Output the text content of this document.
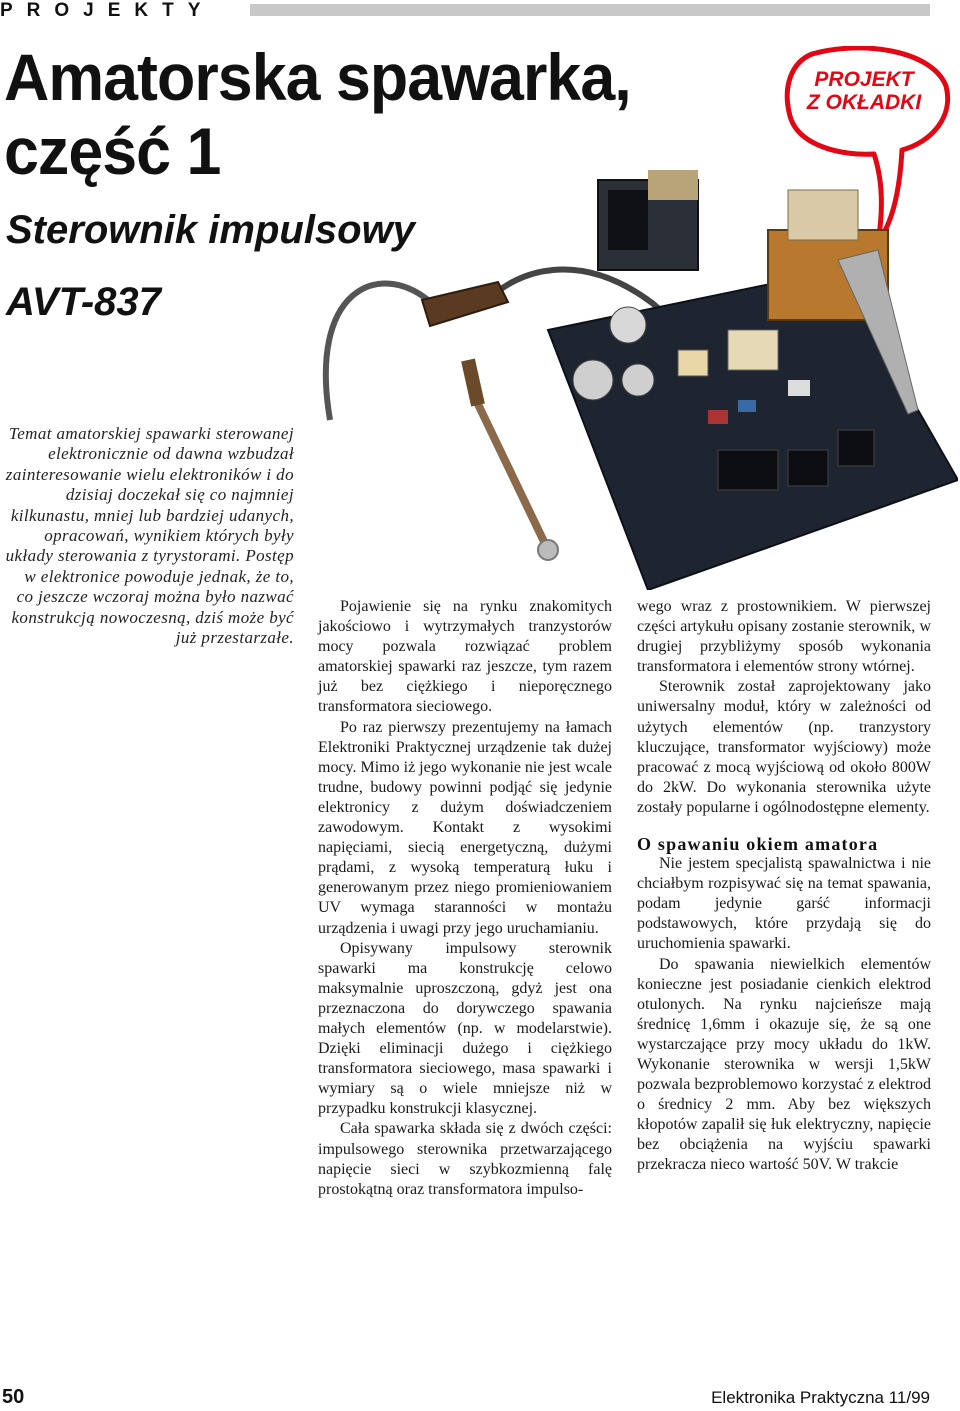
PROJEKTY
Amatorska spawarka,
część 1
Sterownik impulsowy
AVT-837
PROJEKT
Z OKŁADKI
Temat amatorskiej spawarki sterowanej elektronicznie od dawna wzbudzał zainteresowanie wielu elektroników i do dzisiaj doczekał się co najmniej kilkunastu, mniej lub bardziej udanych, opracowań, wynikiem których były układy sterowania z tyrystorami. Postęp w elektronice powoduje jednak, że to, co jeszcze wczoraj można było nazwać konstrukcją nowoczesną, dziś może być już przestarzałe.

Pojawienie się na rynku znakomitych jakościowo i wytrzymałych tranzystorów mocy pozwala rozwiązać problem amatorskiej spawarki raz jeszcze, tym razem już bez ciężkiego i nieporęcznego transformatora sieciowego.

Po raz pierwszy prezentujemy na łamach Elektroniki Praktycznej urządzenie tak dużej mocy. Mimo iż jego wykonanie nie jest wcale trudne, budowy powinni podjąć się jedynie elektronicy z dużym doświadczeniem zawodowym. Kontakt z wysokimi napięciami, siecią energetyczną, dużymi prądami, z wysoką temperaturą łuku i generowanym przez niego promieniowaniem UV wymaga staranności w montażu urządzenia i uwagi przy jego uruchamianiu.

Opisywany impulsowy sterownik spawarki ma konstrukcję celowo maksymalnie uproszczoną, gdyż jest ona przeznaczona do dorywczego spawania małych elementów (np. w modelarstwie). Dzięki eliminacji dużego i ciężkiego transformatora sieciowego, masa spawarki i wymiary są o wiele mniejsze niż w przypadku konstrukcji klasycznej.

Cała spawarka składa się z dwóch części: impulsowego sterownika przetwarzającego napięcie sieci w szybkozmienną falę prostokątną oraz transformatora impulso-

wego wraz z prostownikiem. W pierwszej części artykułu opisany zostanie sterownik, w drugiej przybliżymy sposób wykonania transformatora i elementów strony wtórnej.

Sterownik został zaprojektowany jako uniwersalny moduł, który w zależności od użytych elementów (np. tranzystory kluczujące, transformator wyjściowy) może pracować z mocą wyjściową od około 800W do 2kW. Do wykonania sterownika użyte zostały popularne i ogólnodostępne elementy.

O spawaniu okiem amatora

Nie jestem specjalistą spawalnictwa i nie chciałbym rozpisywać się na temat spawania, podam jedynie garść informacji podstawowych, które przydają się do uruchomienia spawarki.

Do spawania niewielkich elementów konieczne jest posiadanie cienkich elektrod otulonych. Na rynku najcieńsze mają średnicę 1,6mm i okazuje się, że są one wystarczające przy mocy układu do 1kW. Wykonanie sterownika w wersji 1,5kW pozwala bezproblemowo korzystać z elektrod o średnicy 2 mm. Aby bez większych kłopotów zapalił się łuk elektryczny, napięcie bez obciążenia na wyjściu spawarki przekracza nieco wartość 50V. W trakcie

50	Elektronika Praktyczna 11/99
